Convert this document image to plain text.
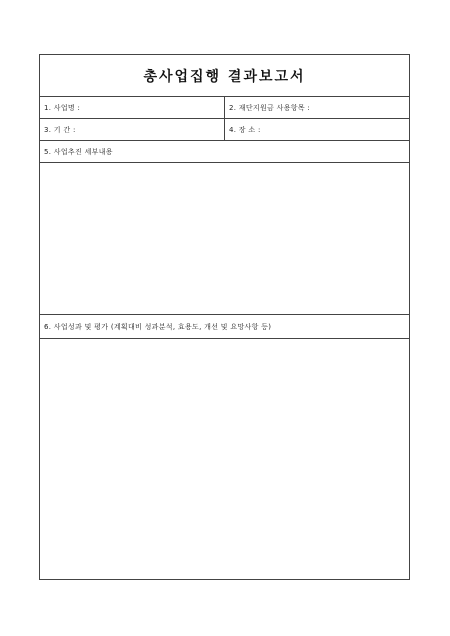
총사업집행 결과보고서
1. 사업명 :	2. 재단지원금 사용항목 :
3. 기 간 :	4. 장 소 :
5. 사업추진 세부내용
6. 사업성과 및 평가 (계획대비 성과분석, 효용도, 개선 및 요망사항 등)
